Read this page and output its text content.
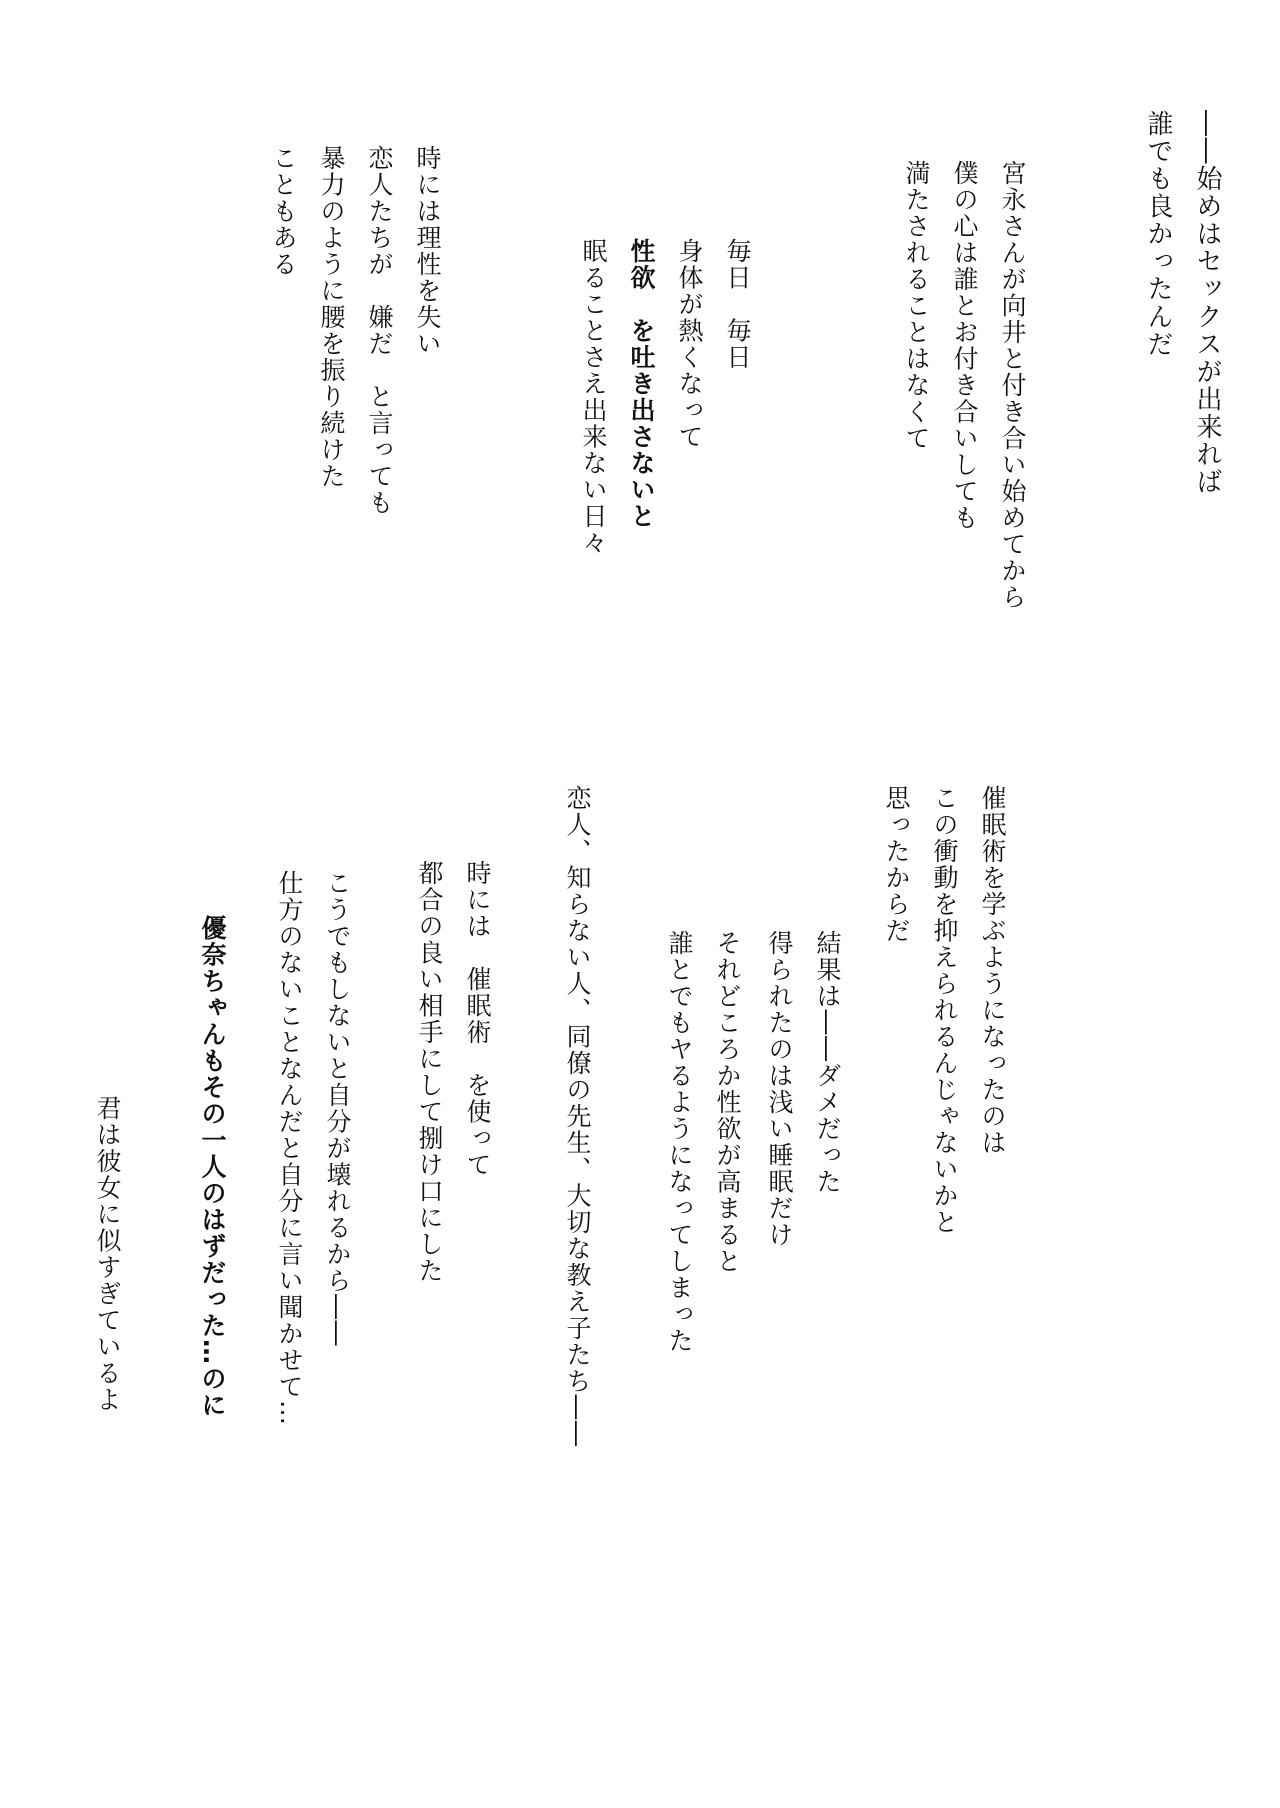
――始めはセックスが出来れば
誰でも良かったんだ
宮永さんが向井と付き合い始めてから
僕の心は誰とお付き合いしても
満たされることはなくて
毎日　毎日
身体が熱くなって
性欲　を吐き出さないと
眠ることさえ出来ない日々
時には理性を失い
恋人たちが　嫌だ　と言っても
暴力のように腰を振り続けた
こともある
催眠術を学ぶようになったのは
この衝動を抑えられるんじゃないかと
思ったからだ
結果は――ダメだった
得られたのは浅い睡眠だけ
それどころか性欲が高まると
誰とでもヤるようになってしまった
恋人、知らない人、同僚の先生、大切な教え子たち――
時には　催眠術　を使って
都合の良い相手にして捌け口にした
こうでもしないと自分が壊れるから――
仕方のないことなんだと自分に言い聞かせて…
優奈ちゃんもその一人のはずだった…のに
君は彼女に似すぎているよ
